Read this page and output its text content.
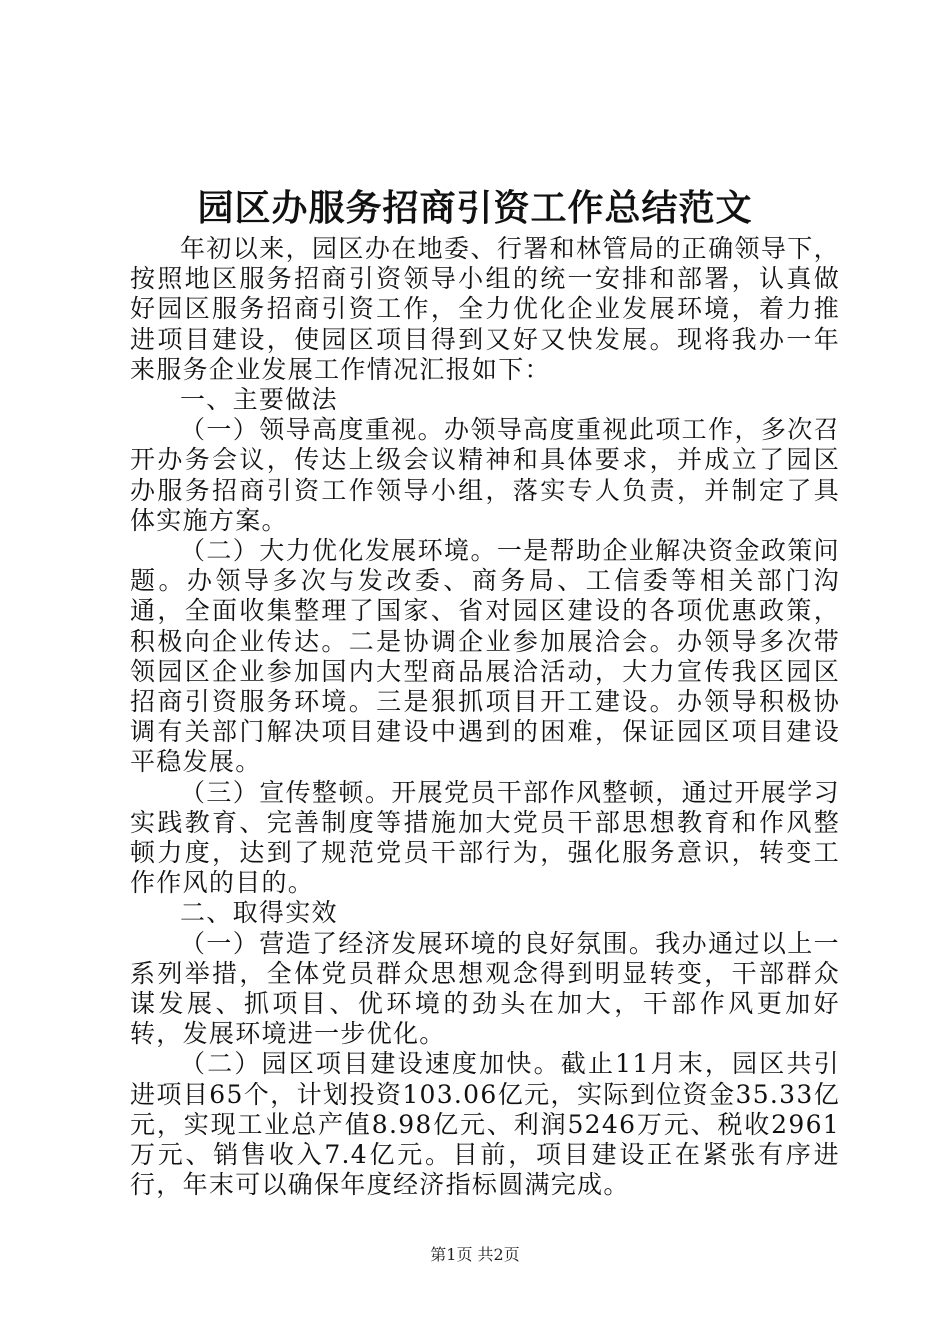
园区办服务招商引资工作总结范文

年初以来，园区办在地委、行署和林管局的正确领导下，按照地区服务招商引资领导小组的统一安排和部署，认真做好园区服务招商引资工作，全力优化企业发展环境，着力推进项目建设，使园区项目得到又好又快发展。现将我办一年来服务企业发展工作情况汇报如下：

一、主要做法

（一）领导高度重视。办领导高度重视此项工作，多次召开办务会议，传达上级会议精神和具体要求，并成立了园区办服务招商引资工作领导小组，落实专人负责，并制定了具体实施方案。

（二）大力优化发展环境。一是帮助企业解决资金政策问题。办领导多次与发改委、商务局、工信委等相关部门沟通，全面收集整理了国家、省对园区建设的各项优惠政策，积极向企业传达。二是协调企业参加展洽会。办领导多次带领园区企业参加国内大型商品展洽活动，大力宣传我区园区招商引资服务环境。三是狠抓项目开工建设。办领导积极协调有关部门解决项目建设中遇到的困难，保证园区项目建设平稳发展。

（三）宣传整顿。开展党员干部作风整顿，通过开展学习实践教育、完善制度等措施加大党员干部思想教育和作风整顿力度，达到了规范党员干部行为，强化服务意识，转变工作作风的目的。

二、取得实效

（一）营造了经济发展环境的良好氛围。我办通过以上一系列举措，全体党员群众思想观念得到明显转变，干部群众谋发展、抓项目、优环境的劲头在加大，干部作风更加好转，发展环境进一步优化。

（二）园区项目建设速度加快。截止11月末，园区共引进项目65个，计划投资103.06亿元，实际到位资金35.33亿元，实现工业总产值8.98亿元、利润5246万元、税收2961万元、销售收入7.4亿元。目前，项目建设正在紧张有序进行，年末可以确保年度经济指标圆满完成。

第1页 共2页
